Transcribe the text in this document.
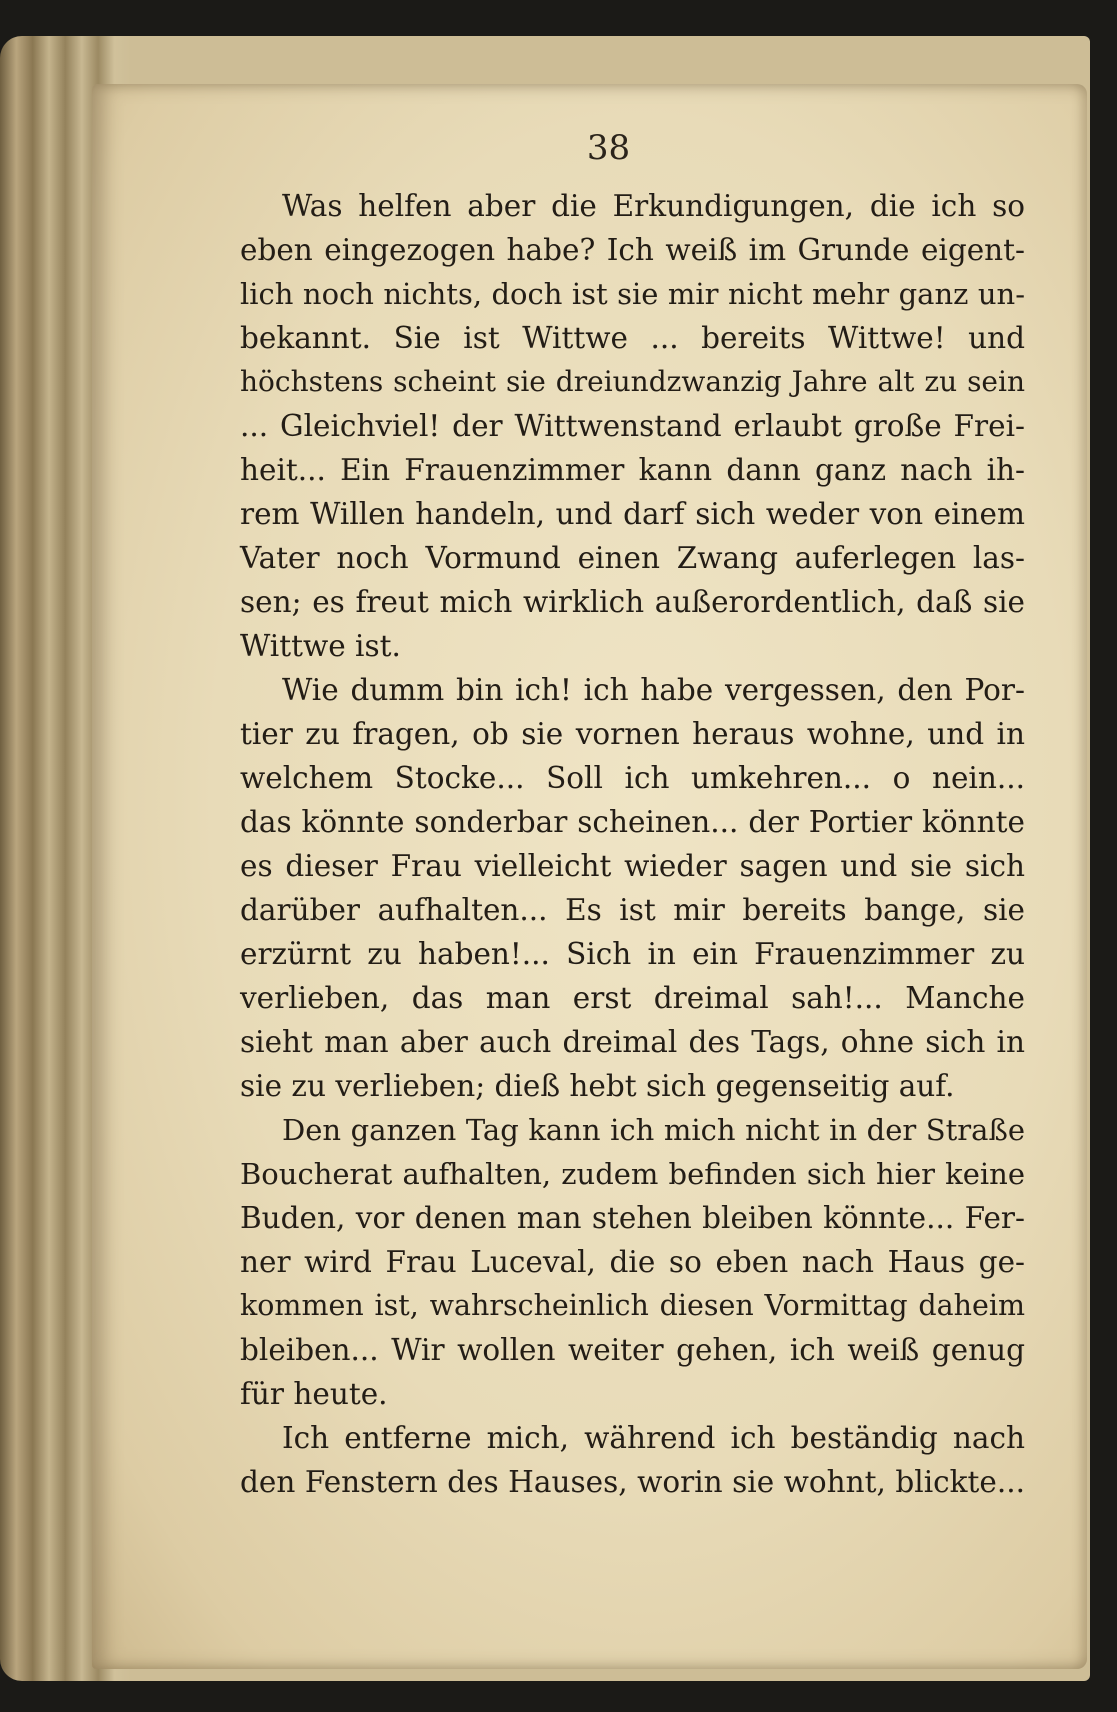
38
Was helfen aber die Erkundigungen, die ich so
eben eingezogen habe? Ich weiß im Grunde eigent-
lich noch nichts, doch ist sie mir nicht mehr ganz un-
bekannt. Sie ist Wittwe ... bereits Wittwe! und
höchstens scheint sie dreiundzwanzig Jahre alt zu sein
... Gleichviel! der Wittwenstand erlaubt große Frei-
heit... Ein Frauenzimmer kann dann ganz nach ih-
rem Willen handeln, und darf sich weder von einem
Vater noch Vormund einen Zwang auferlegen las-
sen; es freut mich wirklich außerordentlich, daß sie
Wittwe ist.
Wie dumm bin ich! ich habe vergessen, den Por-
tier zu fragen, ob sie vornen heraus wohne, und in
welchem Stocke... Soll ich umkehren... o nein...
das könnte sonderbar scheinen... der Portier könnte
es dieser Frau vielleicht wieder sagen und sie sich
darüber aufhalten... Es ist mir bereits bange, sie
erzürnt zu haben!... Sich in ein Frauenzimmer zu
verlieben, das man erst dreimal sah!... Manche
sieht man aber auch dreimal des Tags, ohne sich in
sie zu verlieben; dieß hebt sich gegenseitig auf.
Den ganzen Tag kann ich mich nicht in der Straße
Boucherat aufhalten, zudem befinden sich hier keine
Buden, vor denen man stehen bleiben könnte... Fer-
ner wird Frau Luceval, die so eben nach Haus ge-
kommen ist, wahrscheinlich diesen Vormittag daheim
bleiben... Wir wollen weiter gehen, ich weiß genug
für heute.
Ich entferne mich, während ich beständig nach
den Fenstern des Hauses, worin sie wohnt, blickte...
